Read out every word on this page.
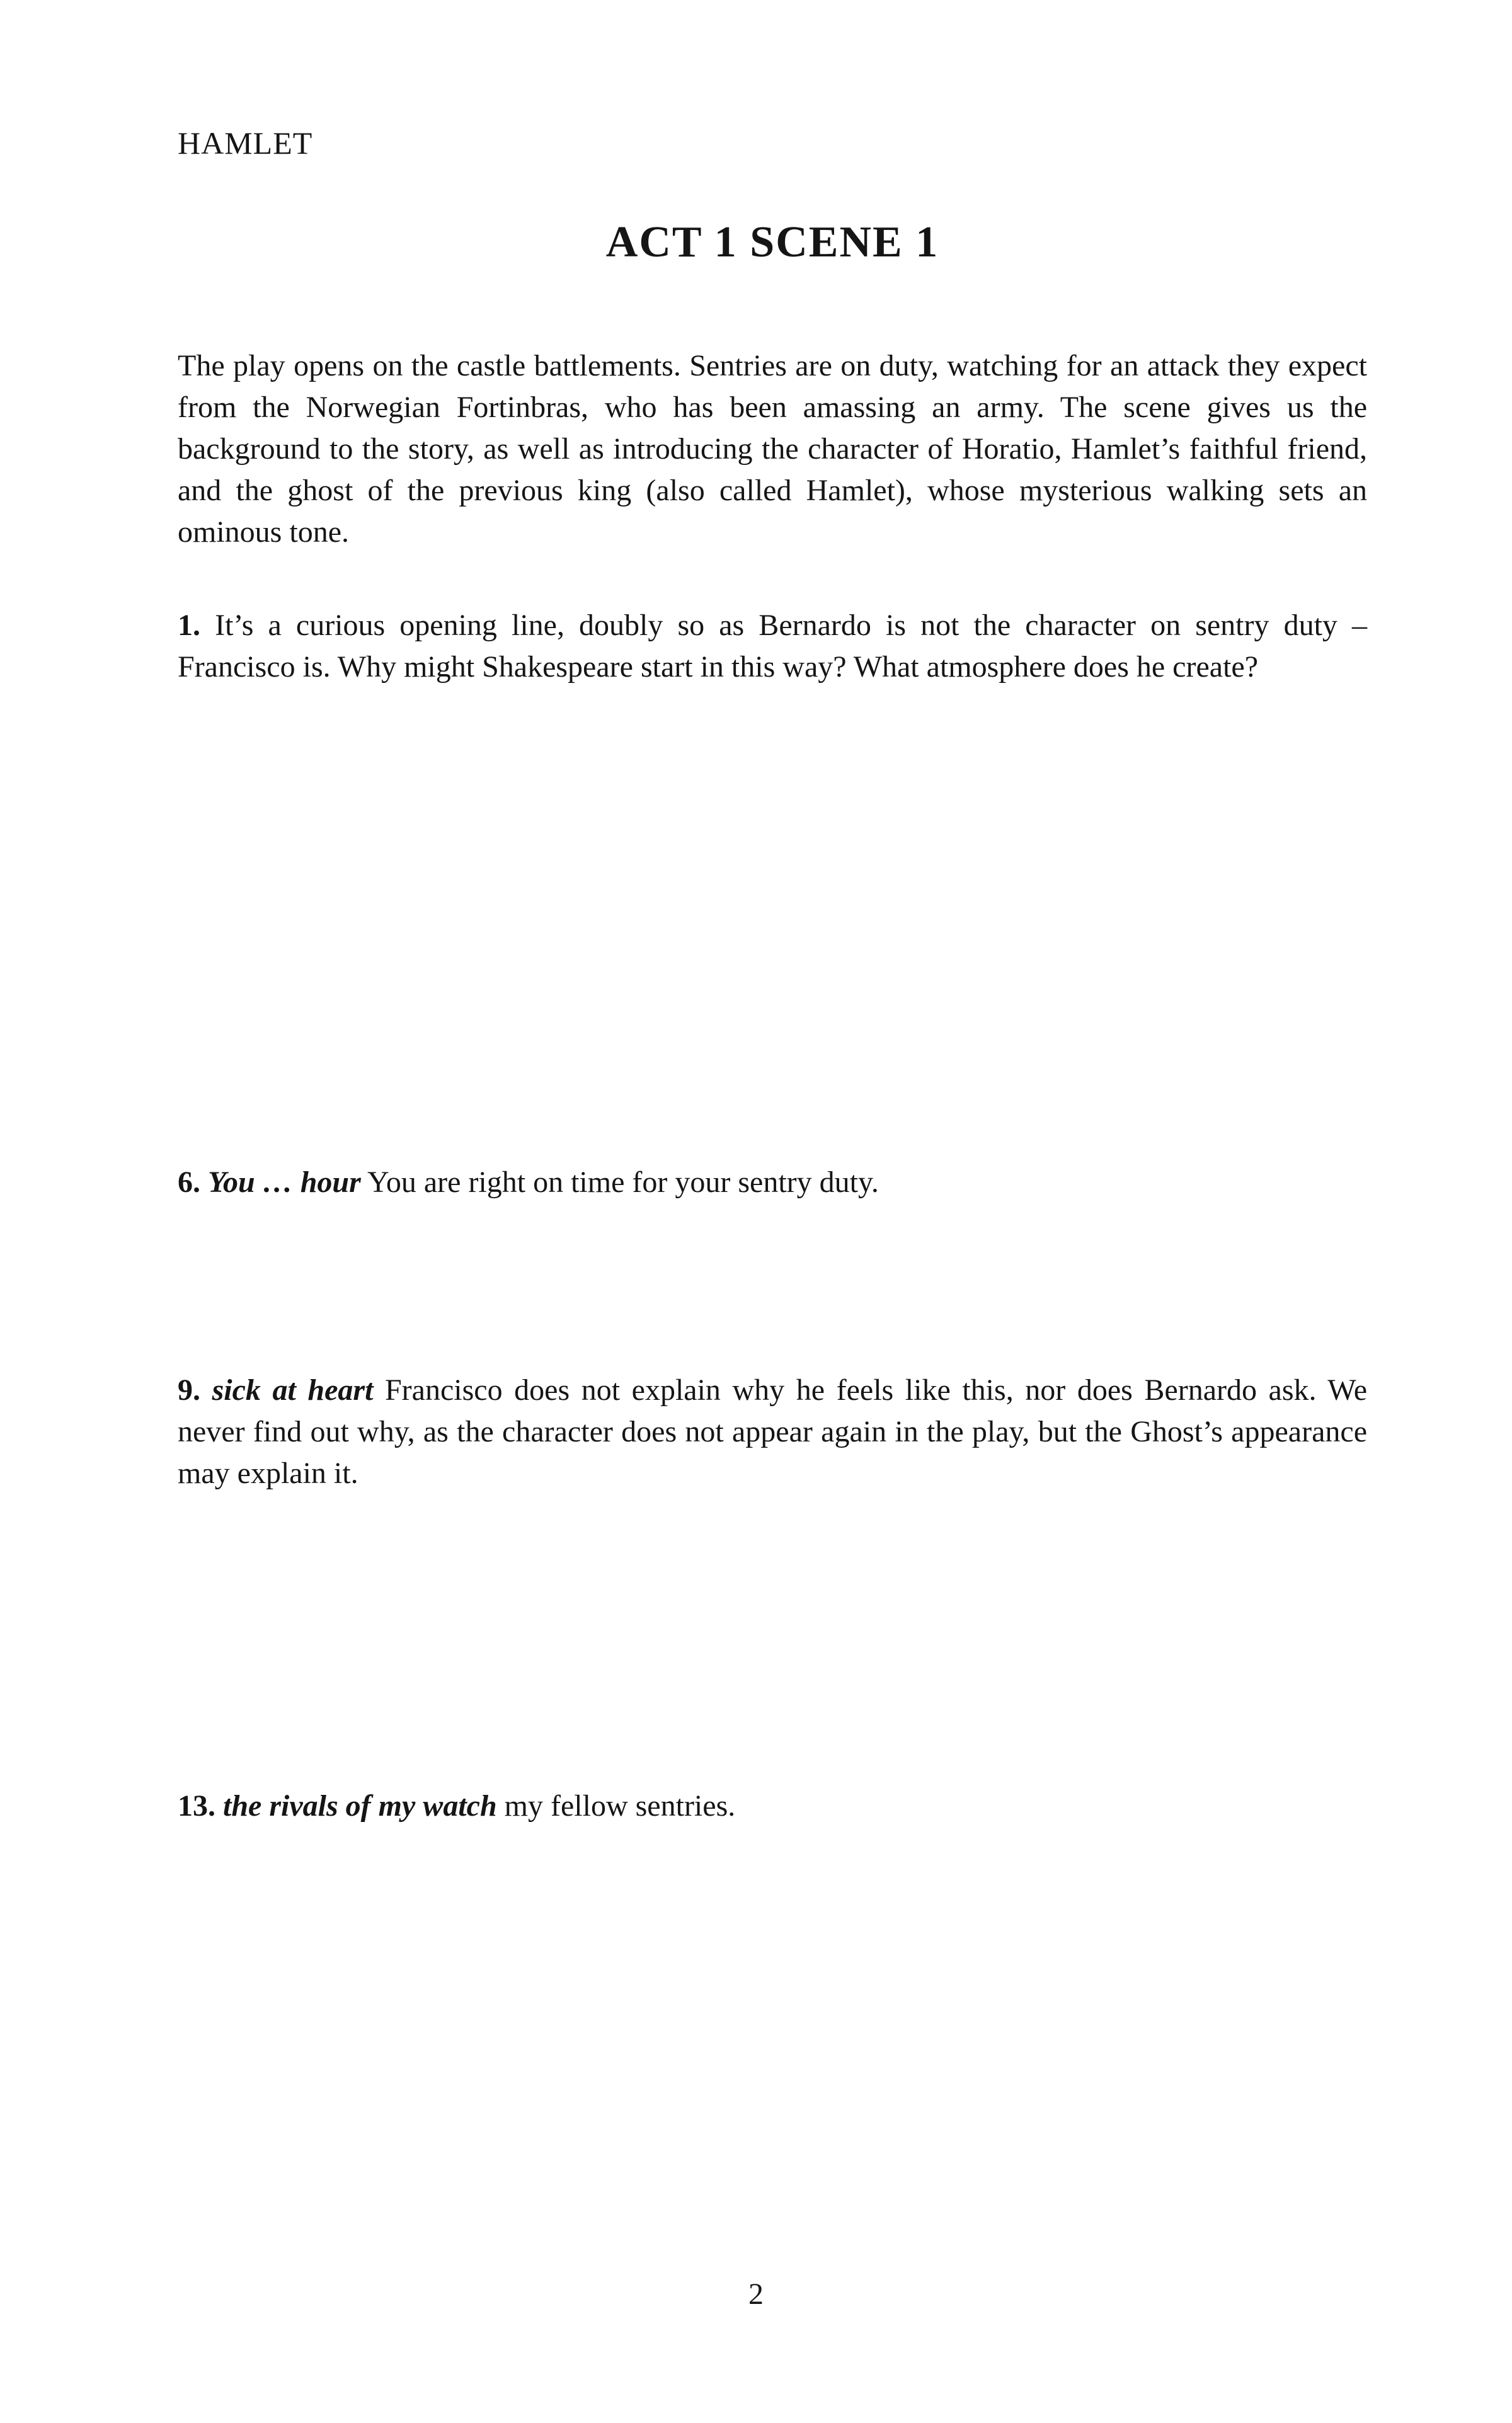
HAMLET
ACT 1 SCENE 1

The play opens on the castle battlements. Sentries are on duty, watching for an attack they expect from the Norwegian Fortinbras, who has been amassing an army. The scene gives us the background to the story, as well as introducing the character of Horatio, Hamlet’s faithful friend, and the ghost of the previous king (also called Hamlet), whose mysterious walking sets an ominous tone.

1. It’s a curious opening line, doubly so as Bernardo is not the character on sentry duty – Francisco is. Why might Shakespeare start in this way? What atmosphere does he create?

6. You … hour You are right on time for your sentry duty.

9. sick at heart Francisco does not explain why he feels like this, nor does Bernardo ask. We never find out why, as the character does not appear again in the play, but the Ghost’s appearance may explain it.

13. the rivals of my watch my fellow sentries.

2
